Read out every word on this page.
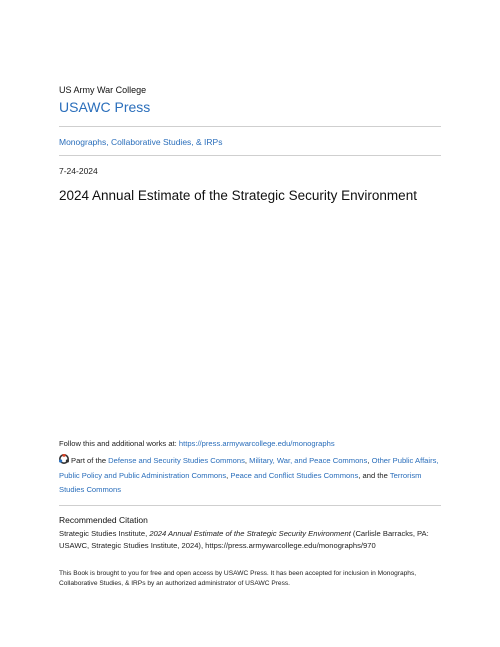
US Army War College
USAWC Press
Monographs, Collaborative Studies, & IRPs
7-24-2024
2024 Annual Estimate of the Strategic Security Environment
Follow this and additional works at: https://press.armywarcollege.edu/monographs
Part of the Defense and Security Studies Commons, Military, War, and Peace Commons, Other Public Affairs, Public Policy and Public Administration Commons, Peace and Conflict Studies Commons, and the Terrorism Studies Commons
Recommended Citation
Strategic Studies Institute, 2024 Annual Estimate of the Strategic Security Environment (Carlisle Barracks, PA: USAWC, Strategic Studies Institute, 2024), https://press.armywarcollege.edu/monographs/970
This Book is brought to you for free and open access by USAWC Press. It has been accepted for inclusion in Monographs, Collaborative Studies, & IRPs by an authorized administrator of USAWC Press.
